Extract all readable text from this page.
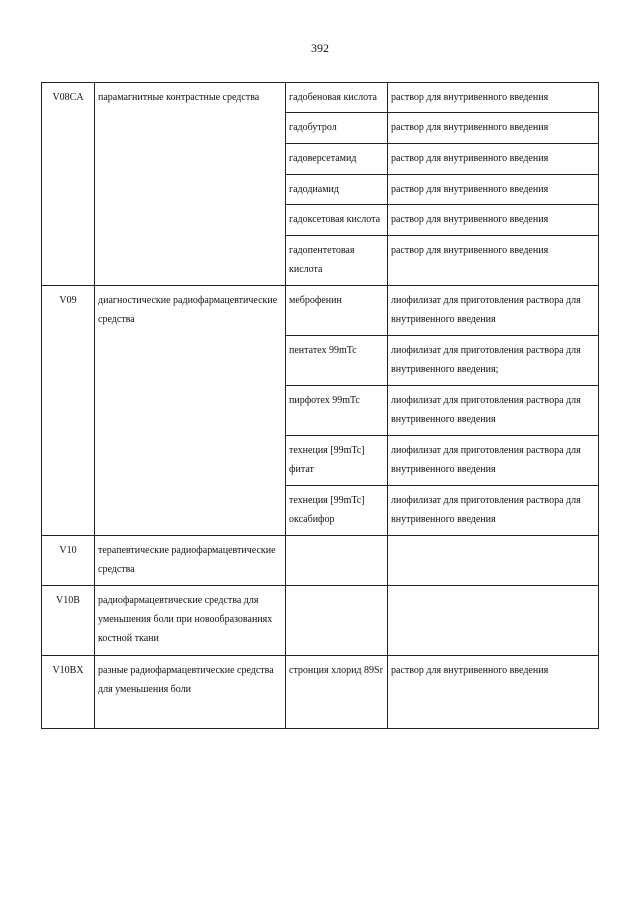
392
V08CA	парамагнитные контрастные средства	гадобеновая кислота	раствор для внутривенного введения
		гадобутрол	раствор для внутривенного введения
		гадоверсетамид	раствор для внутривенного введения
		гадодиамид	раствор для внутривенного введения
		гадоксетовая кислота	раствор для внутривенного введения
		гадопентетовая кислота	раствор для внутривенного введения
V09	диагностические радиофармацевтические средства	меброфенин	лиофилизат для приготовления раствора для внутривенного введения
		пентатех 99mTc	лиофилизат для приготовления раствора для внутривенного введения;
		пирфотех 99mTc	лиофилизат для приготовления раствора для внутривенного введения
		технеция [99mTc] фитат	лиофилизат для приготовления раствора для внутривенного введения
		технеция [99mTc] оксабифор	лиофилизат для приготовления раствора для внутривенного введения
V10	терапевтические радиофармацевтические средства		
V10B	радиофармацевтические средства для уменьшения боли при новообразованиях костной ткани		
V10BX	разные радиофармацевтические средства для уменьшения боли	стронция хлорид 89Sr	раствор для внутривенного введения
